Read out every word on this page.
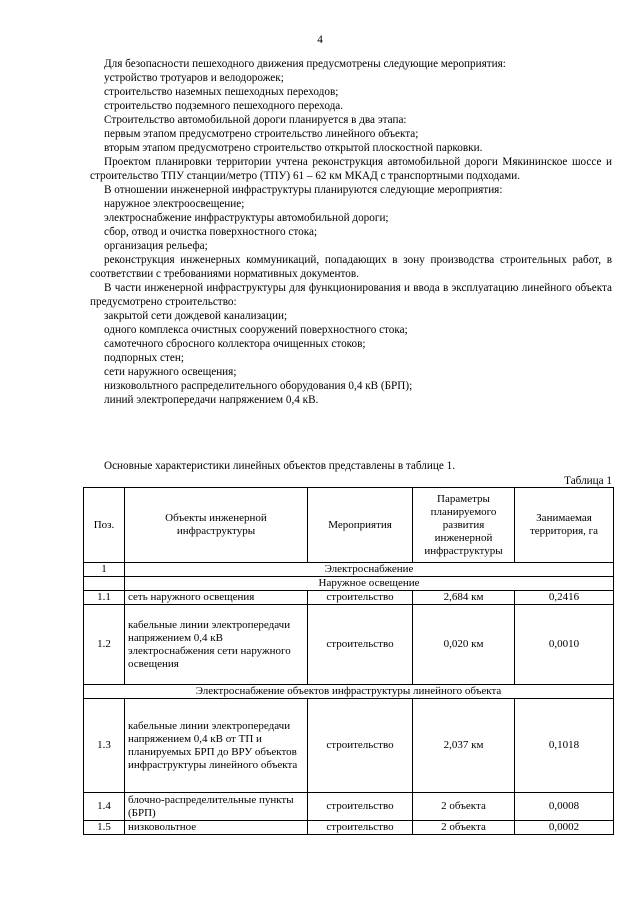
4

Для безопасности пешеходного движения предусмотрены следующие мероприятия:

устройство тротуаров и велодорожек;

строительство наземных пешеходных переходов;

строительство подземного пешеходного перехода.

Строительство автомобильной дороги планируется в два этапа:

первым этапом предусмотрено строительство линейного объекта;

вторым этапом предусмотрено строительство открытой плоскостной парковки.

Проектом планировки территории учтена реконструкция автомобильной дороги Мякининское шоссе и строительство ТПУ станции/метро (ТПУ) 61 – 62 км МКАД с транспортными подходами.

В отношении инженерной инфраструктуры планируются следующие мероприятия:

наружное электроосвещение;

электроснабжение инфраструктуры автомобильной дороги;

сбор, отвод и очистка поверхностного стока;

организация рельефа;

реконструкция инженерных коммуникаций, попадающих в зону производства строительных работ, в соответствии с требованиями нормативных документов.

В части инженерной инфраструктуры для функционирования и ввода в эксплуатацию линейного объекта предусмотрено строительство:

закрытой сети дождевой канализации;

одного комплекса очистных сооружений поверхностного стока;

самотечного сбросного коллектора очищенных стоков;

подпорных стен;

сети наружного освещения;

низковольтного распределительного оборудования 0,4 кВ (БРП);

линий электропередачи напряжением 0,4 кВ.

Основные характеристики линейных объектов представлены в таблице 1.
Таблица 1
Поз.	Объекты инженерной инфраструктуры	Мероприятия	Параметры планируемого развития инженерной инфраструктуры	Занимаемая территория, га
1	Электроснабжение			
	Наружное освещение			
1.1	сеть наружного освещения	строительство	2,684 км	0,2416
1.2	кабельные линии электропередачи напряжением 0,4 кВ электроснабжения сети наружного освещения	строительство	0,020 км	0,0010
Электроснабжение объектов инфраструктуры линейного объекта				
1.3	кабельные линии электропередачи напряжением 0,4 кВ от ТП и планируемых БРП до ВРУ объектов инфраструктуры линейного объекта	строительство	2,037 км	0,1018
1.4	блочно-распределительные пункты (БРП)	строительство	2 объекта	0,0008
1.5	низковольтное	строительство	2 объекта	0,0002
